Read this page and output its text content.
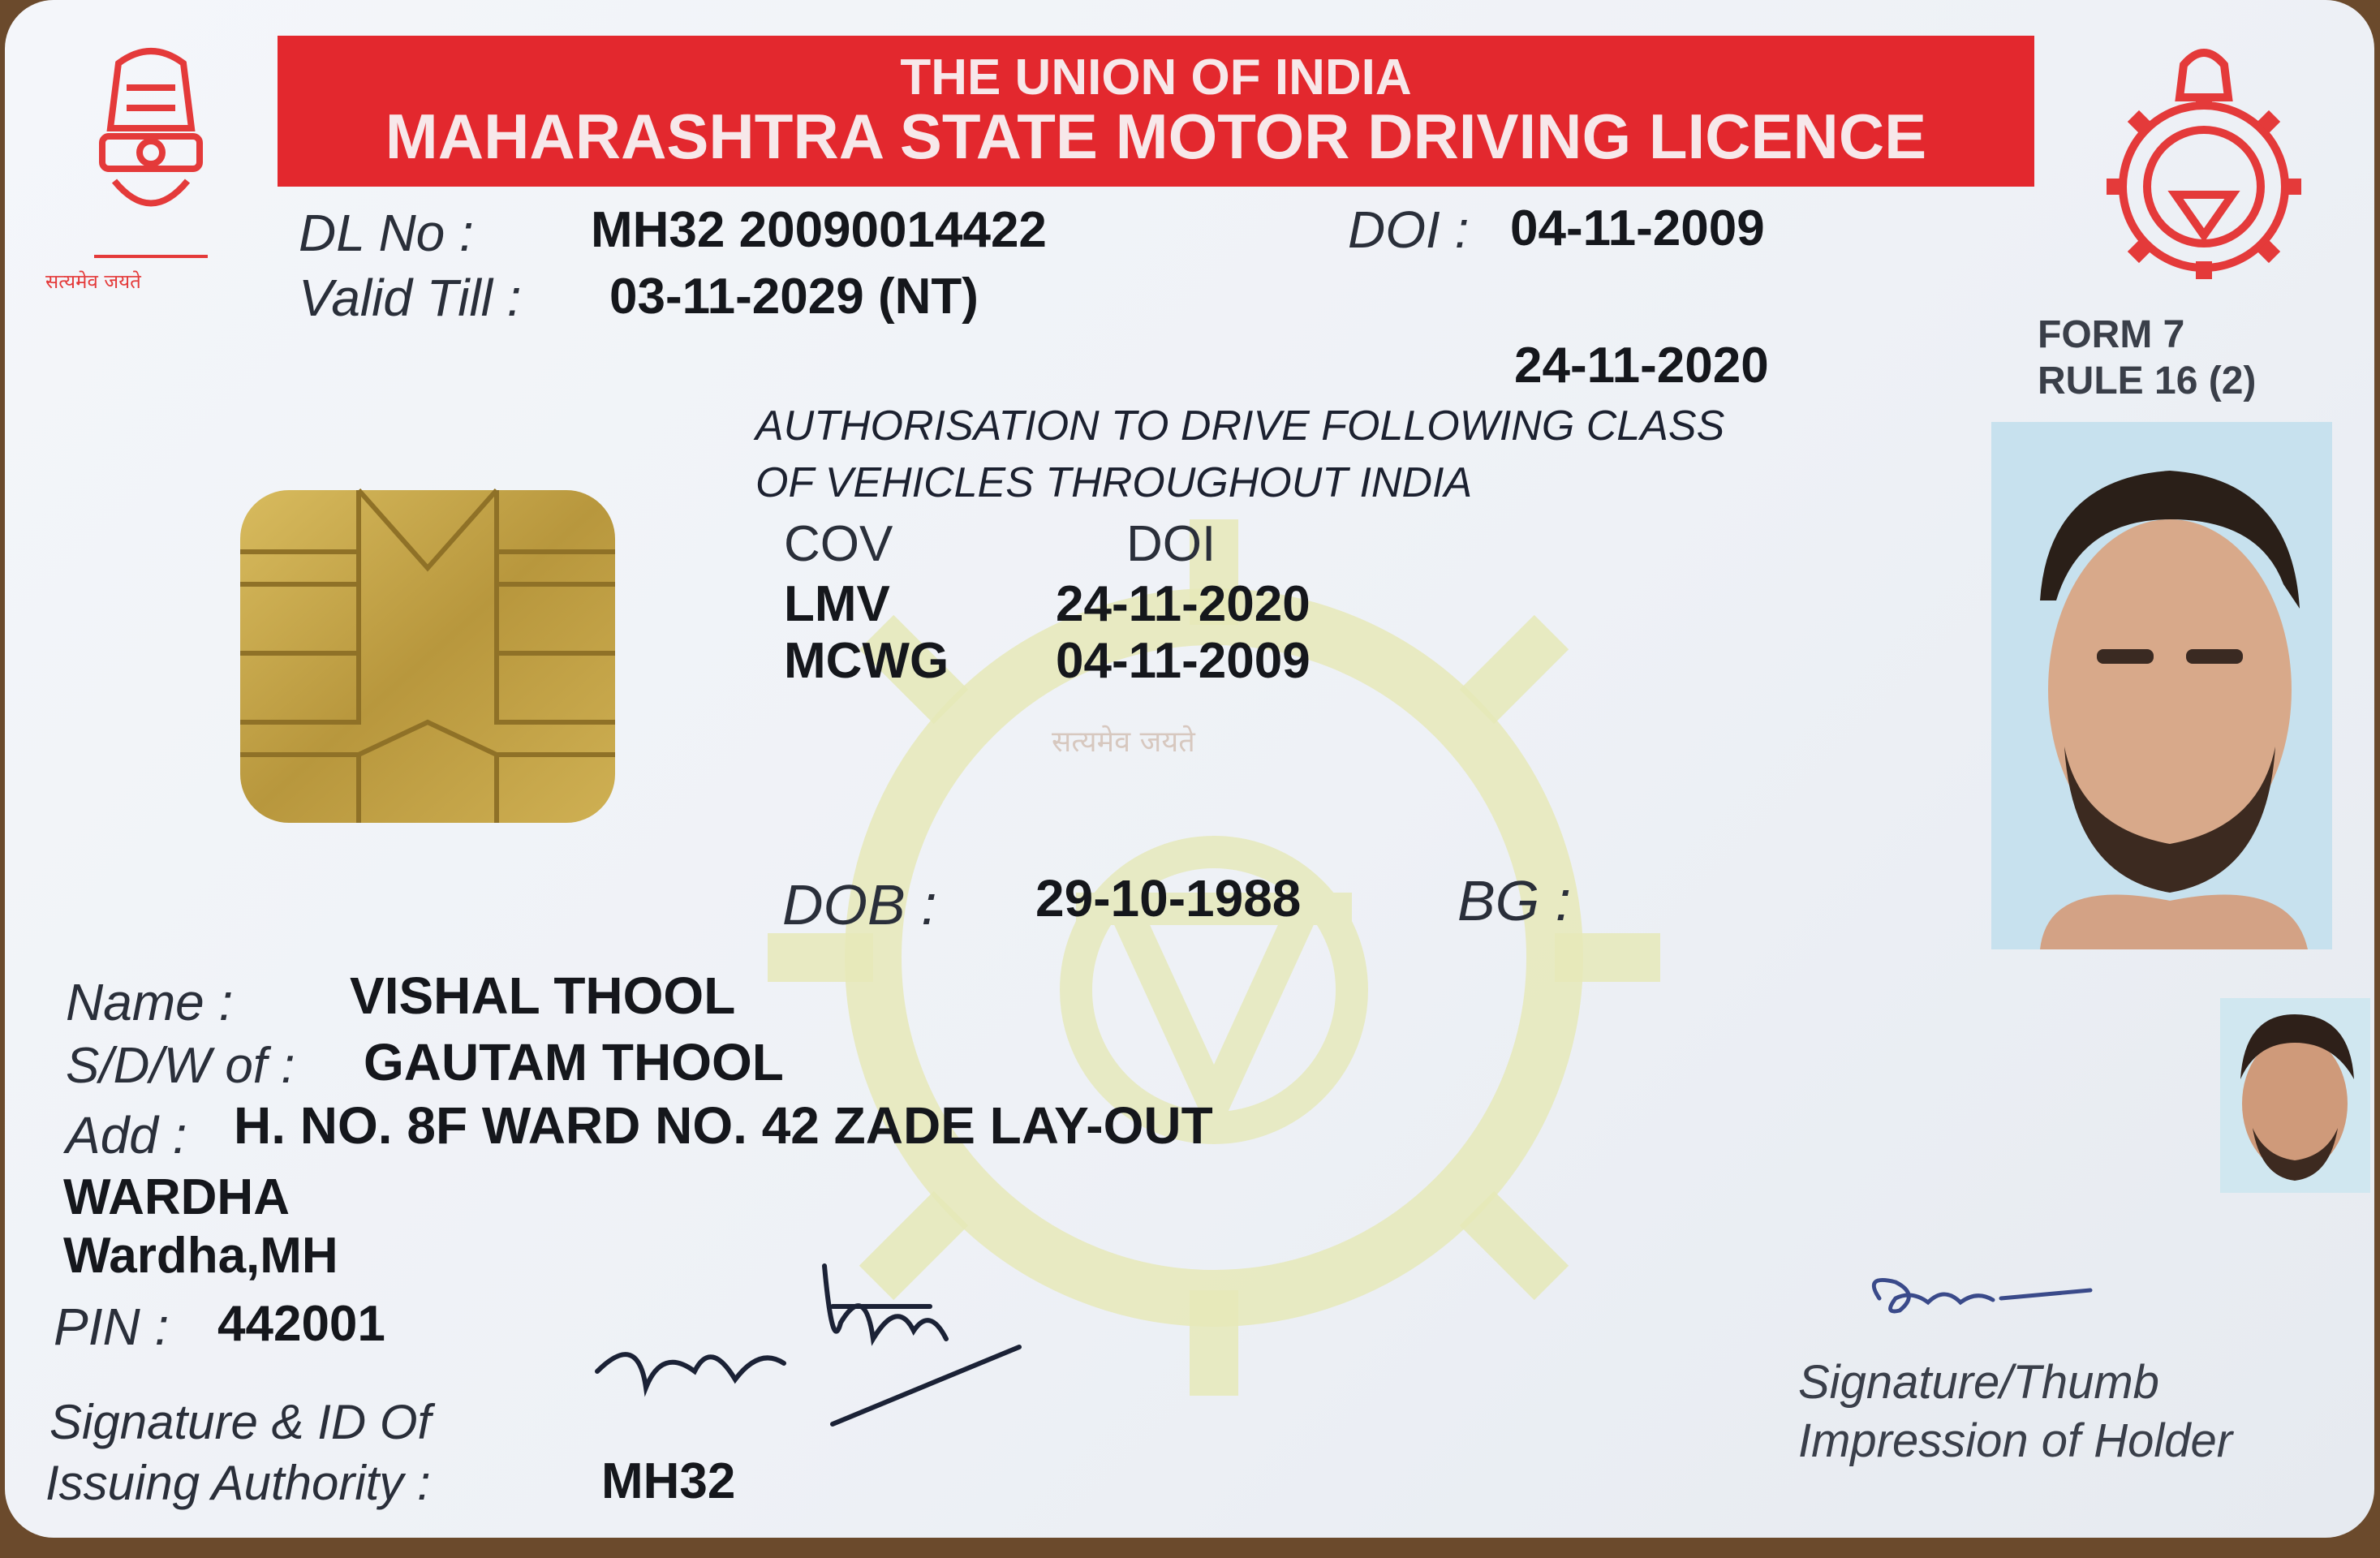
सत्यमेव जयते
THE UNION OF INDIA
MAHARASHTRA STATE MOTOR DRIVING LICENCE
DL No : MH32 20090014422	DOI : 04-11-2009
Valid Till : 03-11-2029 (NT)
FORM 7
RULE 16 (2)
24-11-2020
AUTHORISATION TO DRIVE FOLLOWING CLASS
OF VEHICLES THROUGHOUT INDIA
COV	DOI
LMV	24-11-2020
MCWG 04-11-2009
सत्यमेव जयते
DOB : 29-10-1988	BG :
Name : VISHAL THOOL
S/D/W of : GAUTAM THOOL
Add : H. NO. 8F WARD NO. 42 ZADE LAY-OUT
WARDHA
Wardha,MH
PIN : 442001
Signature & ID Of
Issuing Authority :	MH32
Signature/Thumb
Impression of Holder
